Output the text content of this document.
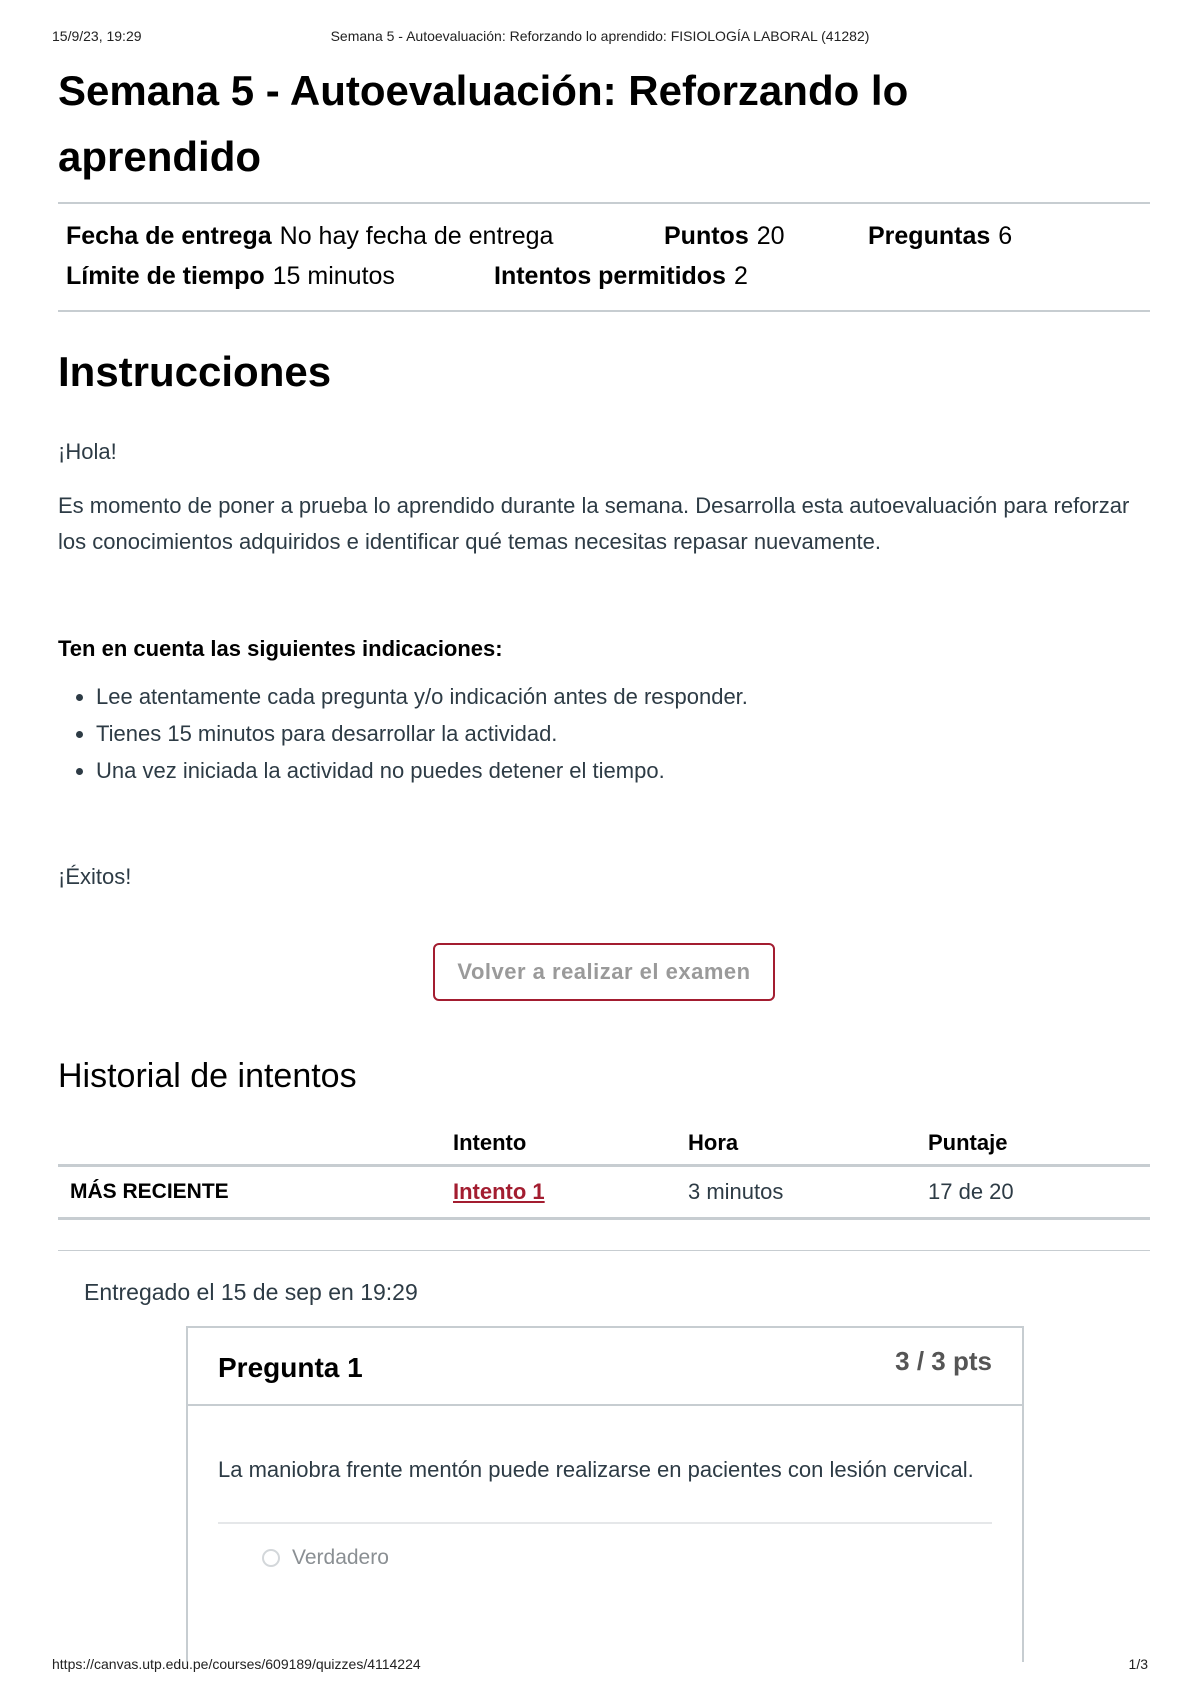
15/9/23, 19:29	Semana 5 - Autoevaluación: Reforzando lo aprendido: FISIOLOGÍA LABORAL (41282)
Semana 5 - Autoevaluación: Reforzando lo
aprendido
Fecha de entrega No hay fecha de entrega	Puntos 20	Preguntas 6
Límite de tiempo 15 minutos	Intentos permitidos 2
Instrucciones

¡Hola!

Es momento de poner a prueba lo aprendido durante la semana. Desarrolla esta autoevaluación para reforzar los conocimientos adquiridos e identificar qué temas necesitas repasar nuevamente.

Ten en cuenta las siguientes indicaciones:

• Lee atentamente cada pregunta y/o indicación antes de responder.
• Tienes 15 minutos para desarrollar la actividad.
• Una vez iniciada la actividad no puedes detener el tiempo.

¡Éxitos!

Volver a realizar el examen
Historial de intentos
	Intento	Hora	Puntaje
MÁS RECIENTE	Intento 1	3 minutos	17 de 20

Entregado el 15 de sep en 19:29

Pregunta 1	3 / 3 pts

La maniobra frente mentón puede realizarse en pacientes con lesión cervical.

Verdadero
https://canvas.utp.edu.pe/courses/609189/quizzes/4114224	1/3
